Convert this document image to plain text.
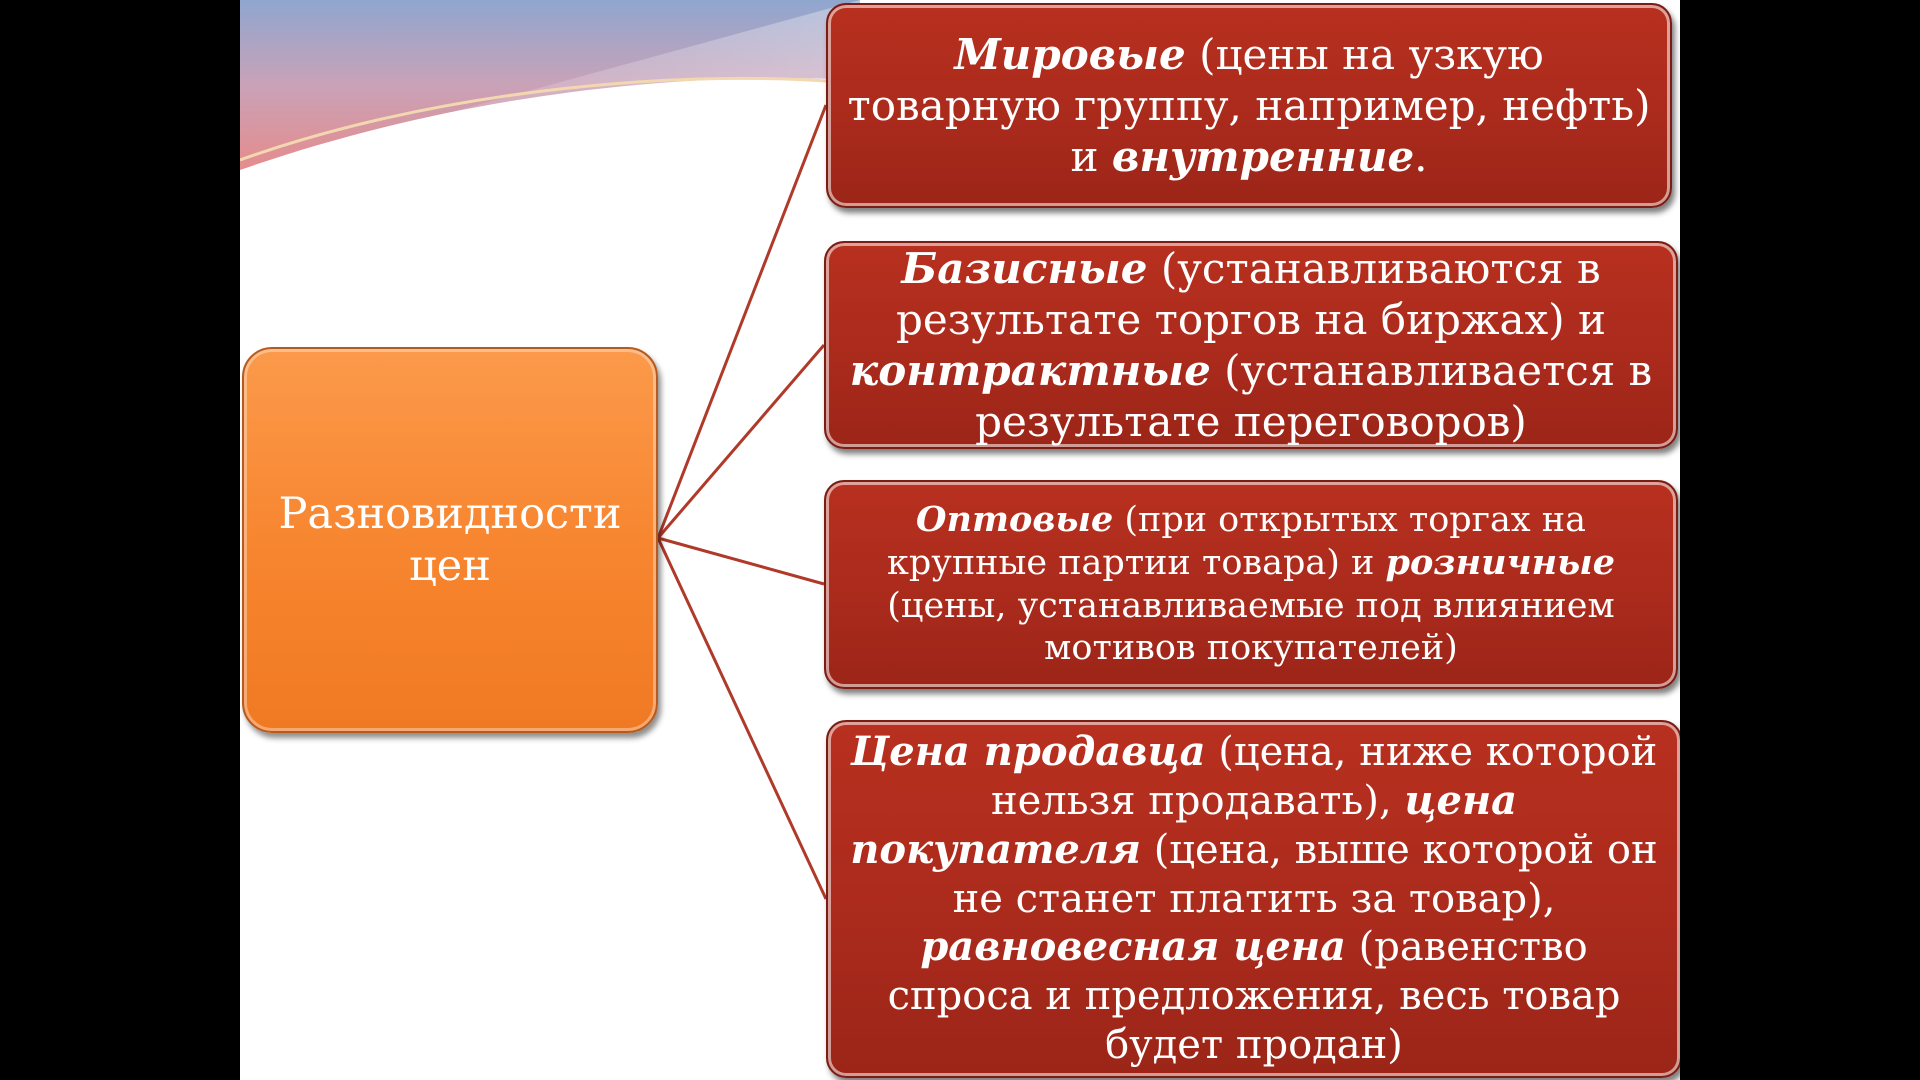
Разновидности
цен
Мировые (цены на узкую товарную группу, например, нефть) и внутренние.
Базисные (устанавливаются в результате торгов на биржах) и контрактные (устанавливается в результате переговоров)
Оптовые (при открытых торгах на крупные партии товара) и розничные (цены, устанавливаемые под влиянием мотивов покупателей)
Цена продавца (цена, ниже которой нельзя продавать), цена покупателя (цена, выше которой он не станет платить за товар), равновесная цена (равенство спроса и предложения, весь товар будет продан)
